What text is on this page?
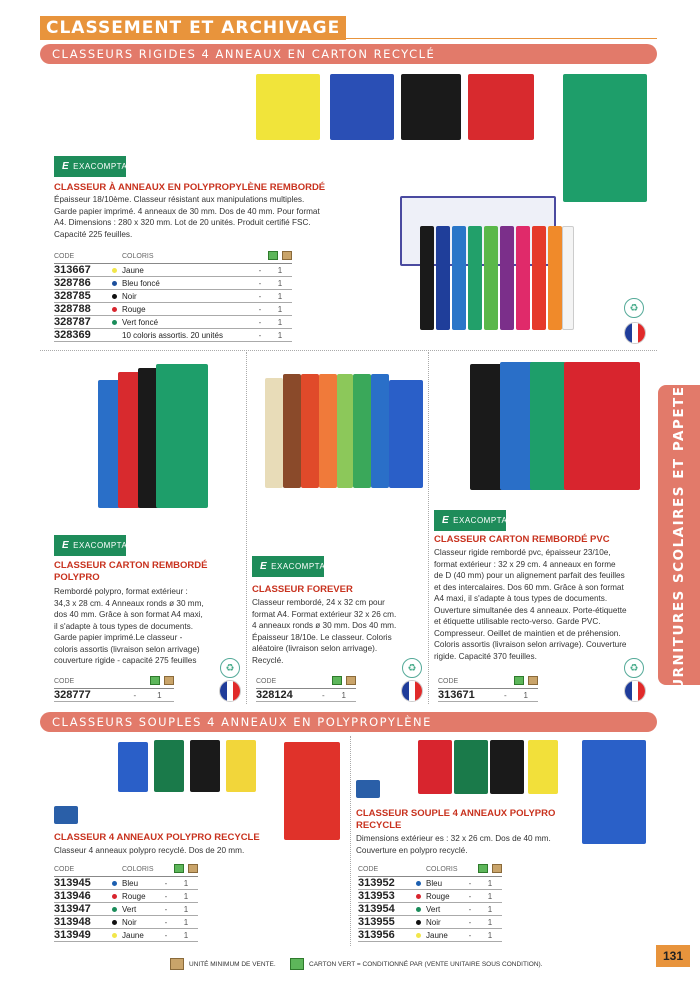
CLASSEMENT ET ARCHIVAGE
CLASSEURS RIGIDES 4 ANNEAUX EN CARTON RECYCLÉ
FOURNITURES SCOLAIRES ET PAPETERIE
E EXACOMPTA
CLASSEUR À ANNEAUX EN POLYPROPYLÈNE REMBORDÉ
Épaisseur 18/10ème. Classeur résistant aux manipulations multiples.
Garde papier imprimé. 4 anneaux de 30 mm. Dos de 40 mm. Pour format
A4. Dimensions : 280 x 320 mm. Lot de 20 unités. Produit certifié FSC.
Capacité 225 feuilles.
CODE		COLORIS		

313667		Jaune	-	1
328786		Bleu foncé	-	1
328785		Noir	-	1
328788		Rouge	-	1
328787		Vert foncé	-	1
328369		10 coloris assortis. 20 unités	-	1
♻
E EXACOMPTA
CLASSEUR CARTON REMBORDÉ
POLYPRO
Rembordé polypro, format extérieur :
34,3 x 28 cm. 4 Anneaux ronds ø 30 mm,
dos 40 mm. Grâce à son format A4 maxi,
il s'adapte à tous types de documents.
Garde papier imprimé.Le classeur -
coloris assortis (livraison selon arrivage)
couverture rigide - capacité 275 feuilles
CODE		

328777	-	1
♻
E EXACOMPTA
CLASSEUR FOREVER
Classeur rembordé, 24 x 32 cm pour
format A4. Format extérieur 32 x 26 cm.
4 anneaux ronds ø 30 mm. Dos 40 mm.
Épaisseur 18/10e. Le classeur. Coloris
aléatoire (livraison selon arrivage).
Recyclé.
CODE		

328124	-	1
♻
E EXACOMPTA
CLASSEUR CARTON REMBORDÉ PVC
Classeur rigide rembordé pvc, épaisseur 23/10e,
format extérieur : 32 x 29 cm. 4 anneaux en forme
de D (40 mm) pour un alignement parfait des feuilles
et des intercalaires. Dos 60 mm. Grâce à son format
A4 maxi, il s'adapte à tous types de documents.
Ouverture simultanée des 4 anneaux. Porte-étiquette
et étiquette utilisable recto-verso. Garde PVC.
Compresseur. Oeillet de maintien et de préhension.
Coloris assortis (livraison selon arrivage). Couverture
rigide. Capacité 370 feuilles.
CODE		

313671	-	1
♻
CLASSEURS SOUPLES 4 ANNEAUX EN POLYPROPYLÈNE
CLASSEUR 4 ANNEAUX POLYPRO RECYCLE
Classeur 4 anneaux polypro recyclé. Dos de 20 mm.
CODE		COLORIS		

313945		Bleu	-	1
313946		Rouge	-	1
313947		Vert	-	1
313948		Noir	-	1
313949		Jaune	-	1
CLASSEUR SOUPLE 4 ANNEAUX POLYPRO
RECYCLE
Dimensions extérieur es : 32 x 26 cm. Dos de 40 mm.
Couverture en polypro recyclé.
CODE		COLORIS		

313952		Bleu	-	1
313953		Rouge	-	1
313954		Vert	-	1
313955		Noir	-	1
313956		Jaune	-	1
UNITÉ MINIMUM DE VENTE.	CARTON VERT = CONDITIONNÉ PAR (VENTE UNITAIRE SOUS CONDITION).
131
